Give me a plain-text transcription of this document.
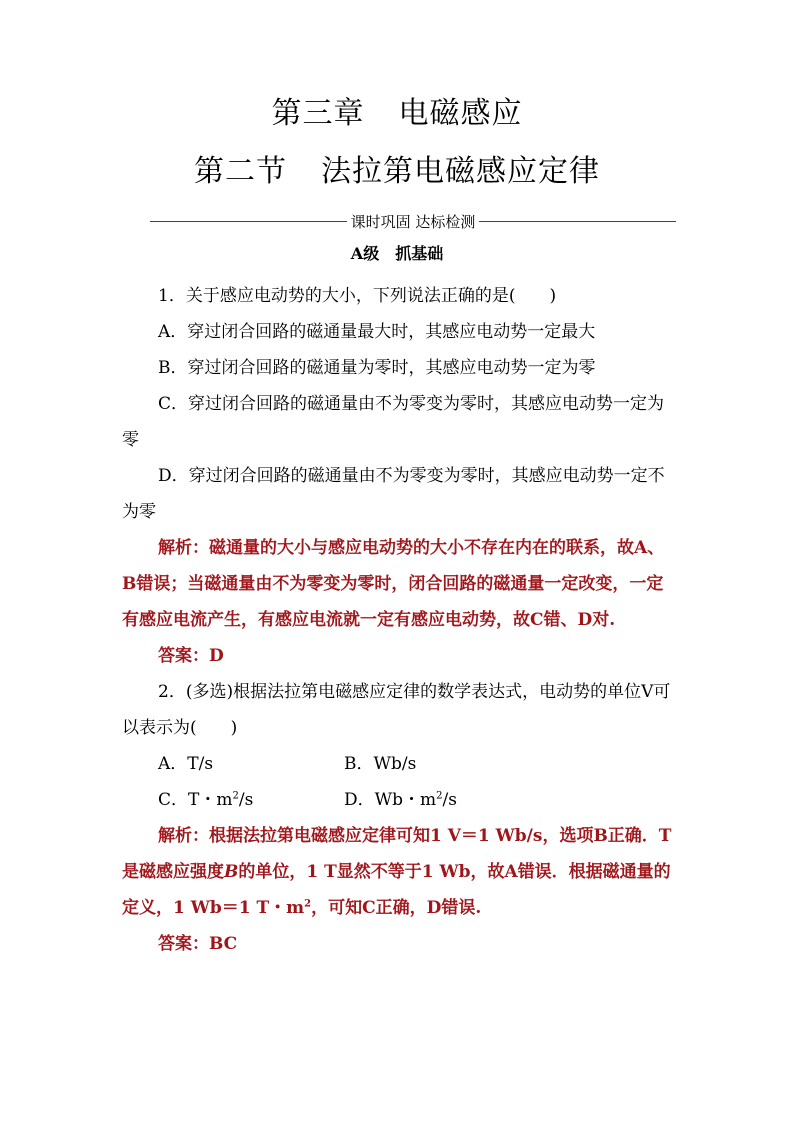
第三章 电磁感应
第二节 法拉第电磁感应定律
课时巩固 达标检测
A级 抓基础

1．关于感应电动势的大小，下列说法正确的是(　　)

A．穿过闭合回路的磁通量最大时，其感应电动势一定最大

B．穿过闭合回路的磁通量为零时，其感应电动势一定为零

C．穿过闭合回路的磁通量由不为零变为零时，其感应电动势一定为零

D．穿过闭合回路的磁通量由不为零变为零时，其感应电动势一定不为零

解析：磁通量的大小与感应电动势的大小不存在内在的联系，故A、B错误；当磁通量由不为零变为零时，闭合回路的磁通量一定改变，一定有感应电流产生，有感应电流就一定有感应电动势，故C错、D对.

答案：D

2．(多选)根据法拉第电磁感应定律的数学表达式，电动势的单位V可以表示为(　　)

A．T/s	B．Wb/s
C．T・$m^2/s$	D．Wb・$m^2/s$

解析：根据法拉第电磁感应定律可知1 V＝1 Wb/s，选项B正确．T是磁感应强度B的单位，1 T显然不等于1 Wb，故A错误．根据磁通量的定义，1 Wb＝1 T・$m^2$，可知C正确，D错误.

答案：BC
